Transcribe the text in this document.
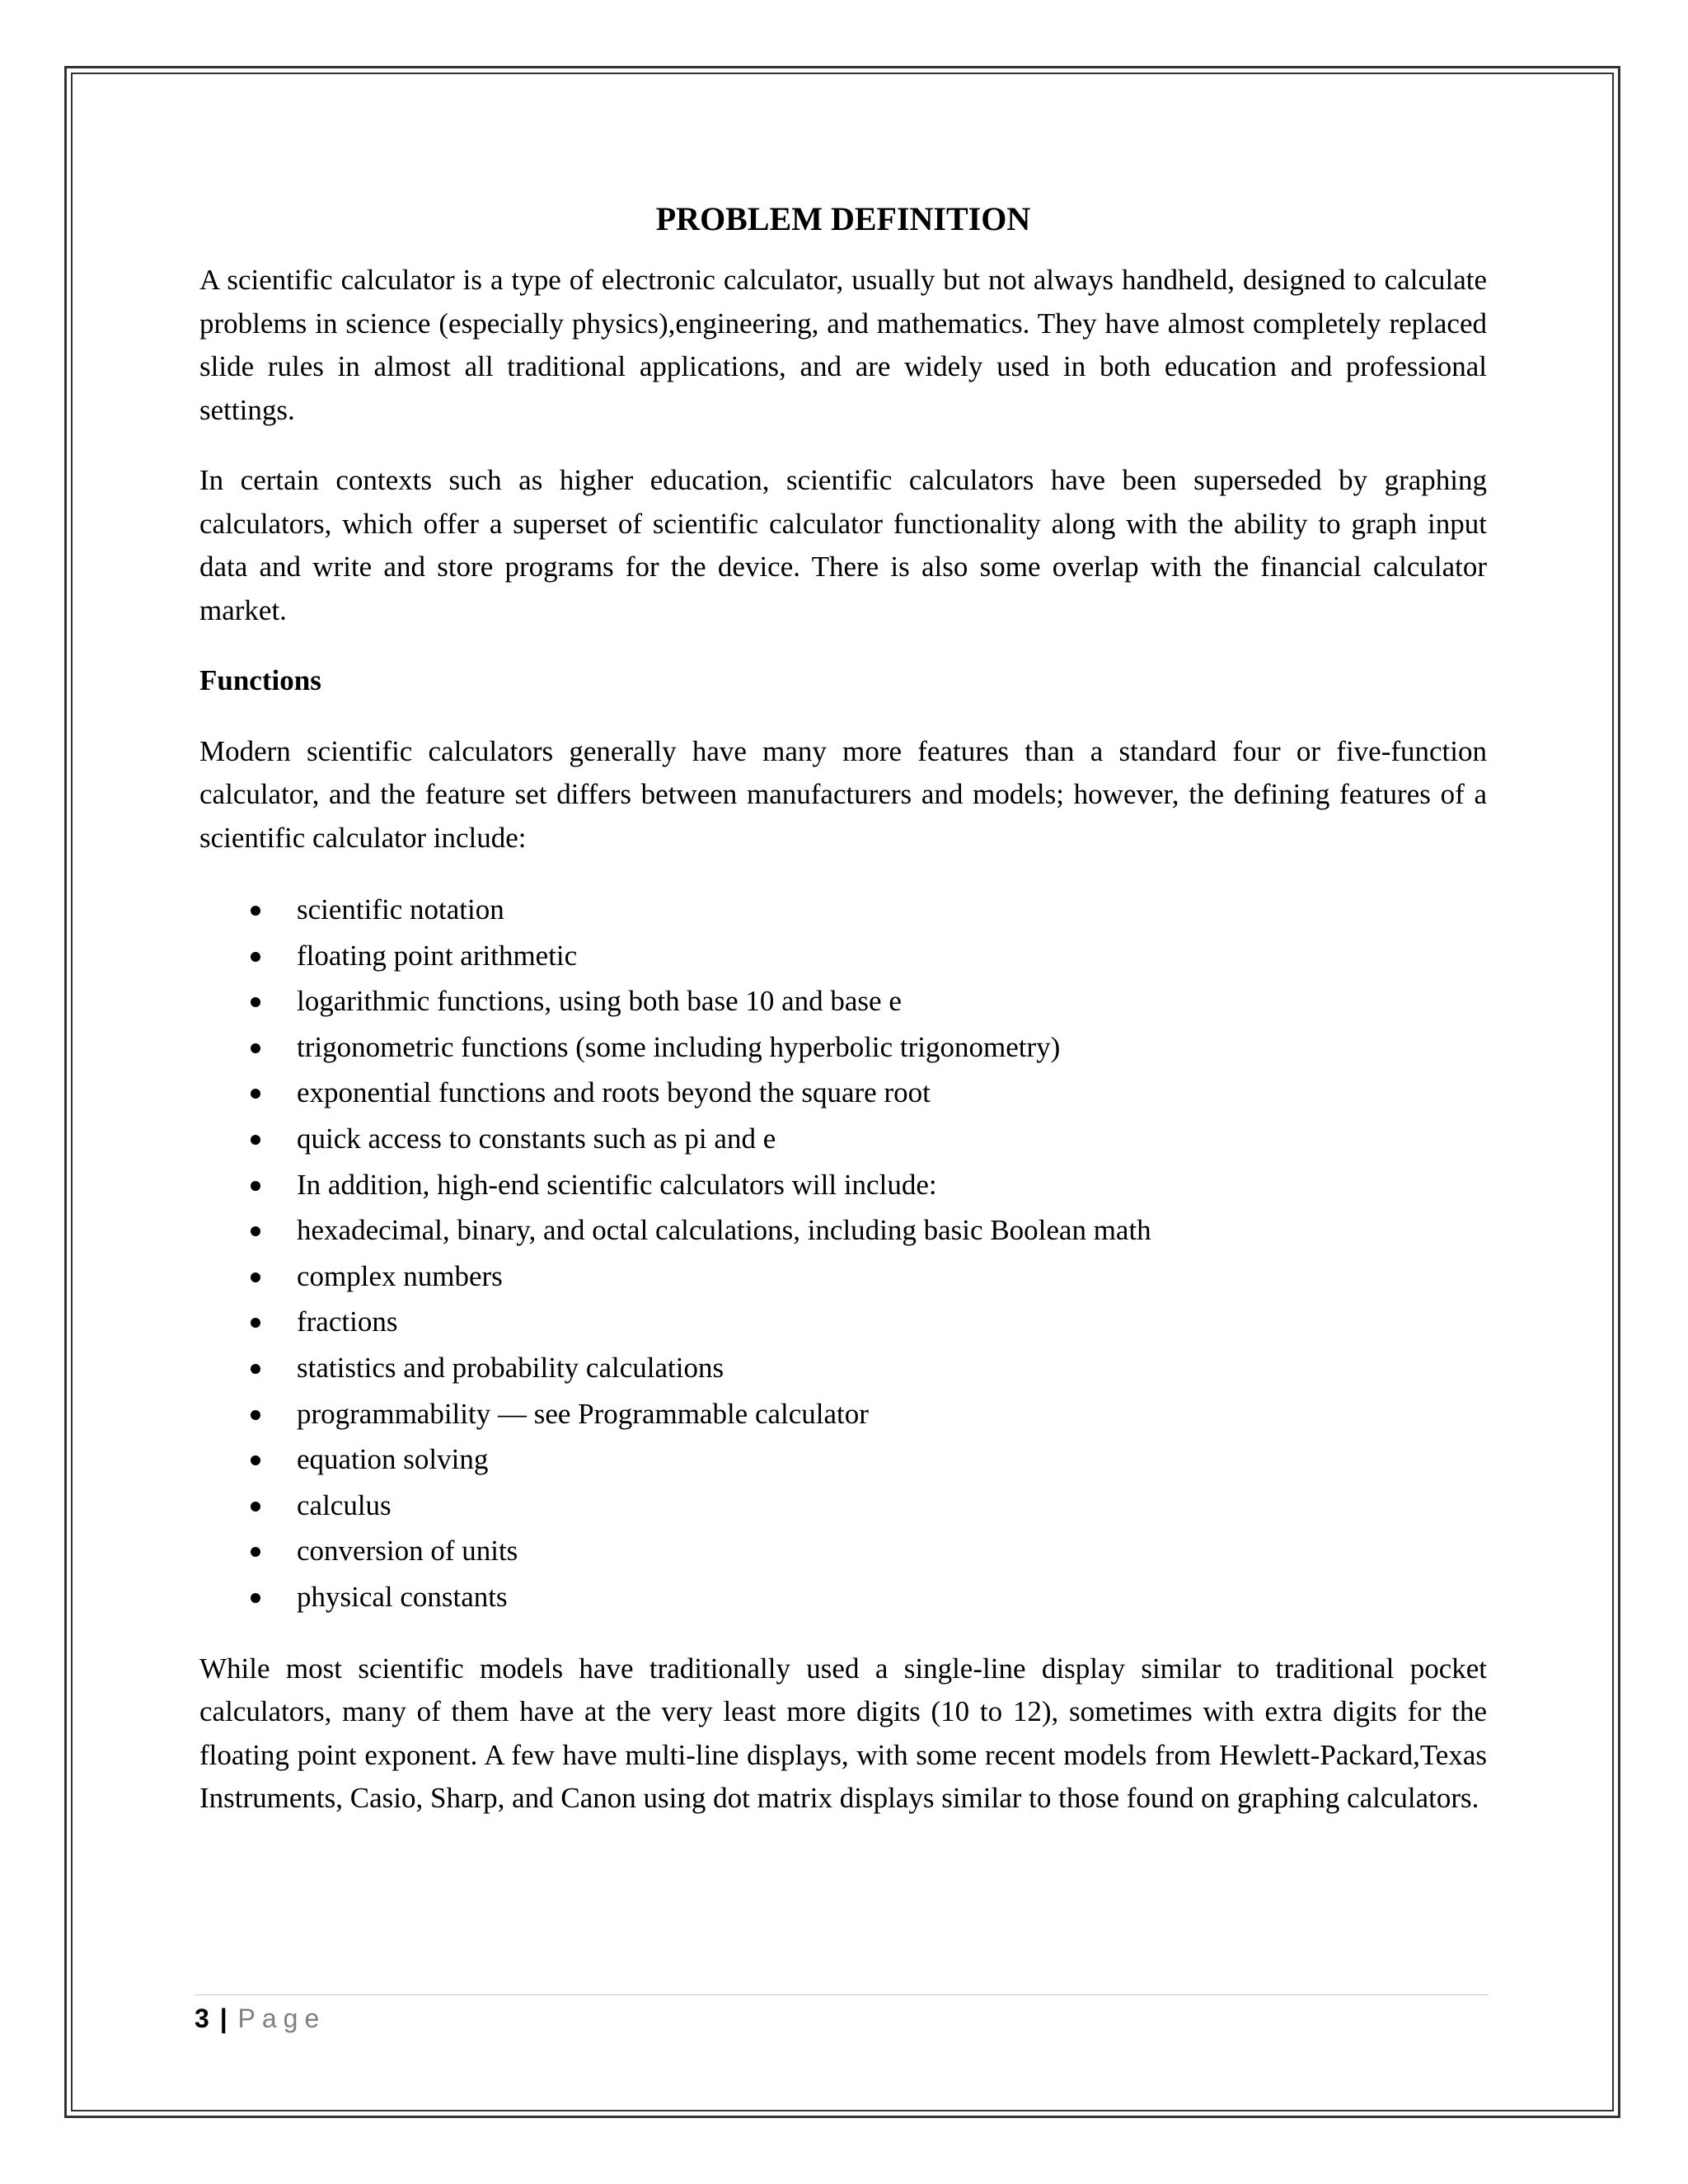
PROBLEM DEFINITION

A scientific calculator is a type of electronic calculator, usually but not always handheld, designed to calculate problems in science (especially physics),engineering, and mathematics. They have almost completely replaced slide rules in almost all traditional applications, and are widely used in both education and professional settings.

In certain contexts such as higher education, scientific calculators have been superseded by graphing calculators, which offer a superset of scientific calculator functionality along with the ability to graph input data and write and store programs for the device. There is also some overlap with the financial calculator market.

Functions

Modern scientific calculators generally have many more features than a standard four or five-function calculator, and the feature set differs between manufacturers and models; however, the defining features of a scientific calculator include:

scientific notation
floating point arithmetic
logarithmic functions, using both base 10 and base e
trigonometric functions (some including hyperbolic trigonometry)
exponential functions and roots beyond the square root
quick access to constants such as pi and e
In addition, high-end scientific calculators will include:
hexadecimal, binary, and octal calculations, including basic Boolean math
complex numbers
fractions
statistics and probability calculations
programmability — see Programmable calculator
equation solving
calculus
conversion of units
physical constants

While most scientific models have traditionally used a single-line display similar to traditional pocket calculators, many of them have at the very least more digits (10 to 12), sometimes with extra digits for the floating point exponent. A few have multi-line displays, with some recent models from Hewlett-Packard,Texas Instruments, Casio, Sharp, and Canon using dot matrix displays similar to those found on graphing calculators.

3 | Page
